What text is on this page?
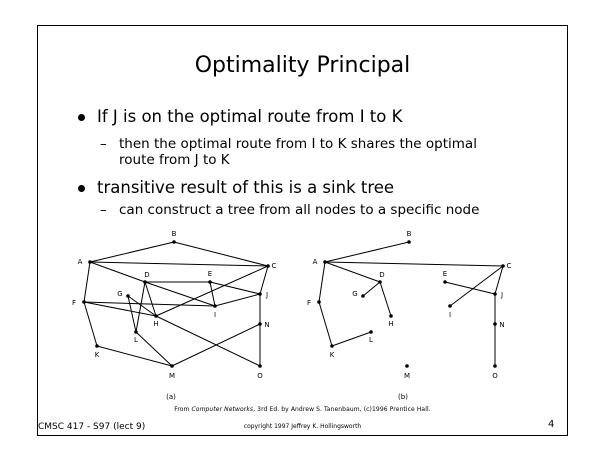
Optimality Principal
If J is on the optimal route from I to K
– then the optimal route from I to K shares the optimal
route from J to K
transitive result of this is a sink tree
– can construct a tree from all nodes to a specific node
A
B
C
D	E
F
G
H
I
J
K
L
M
N
O
A
B
C
D	E
F
G
H
I
J
K
L
M
N
O
(a)	(b)
From Computer Networks, 3rd Ed. by Andrew S. Tanenbaum, (c)1996 Prentice Hall.
CMSC 417 - S97 (lect 9)	copyright 1997 Jeffrey K. Hollingsworth	4
